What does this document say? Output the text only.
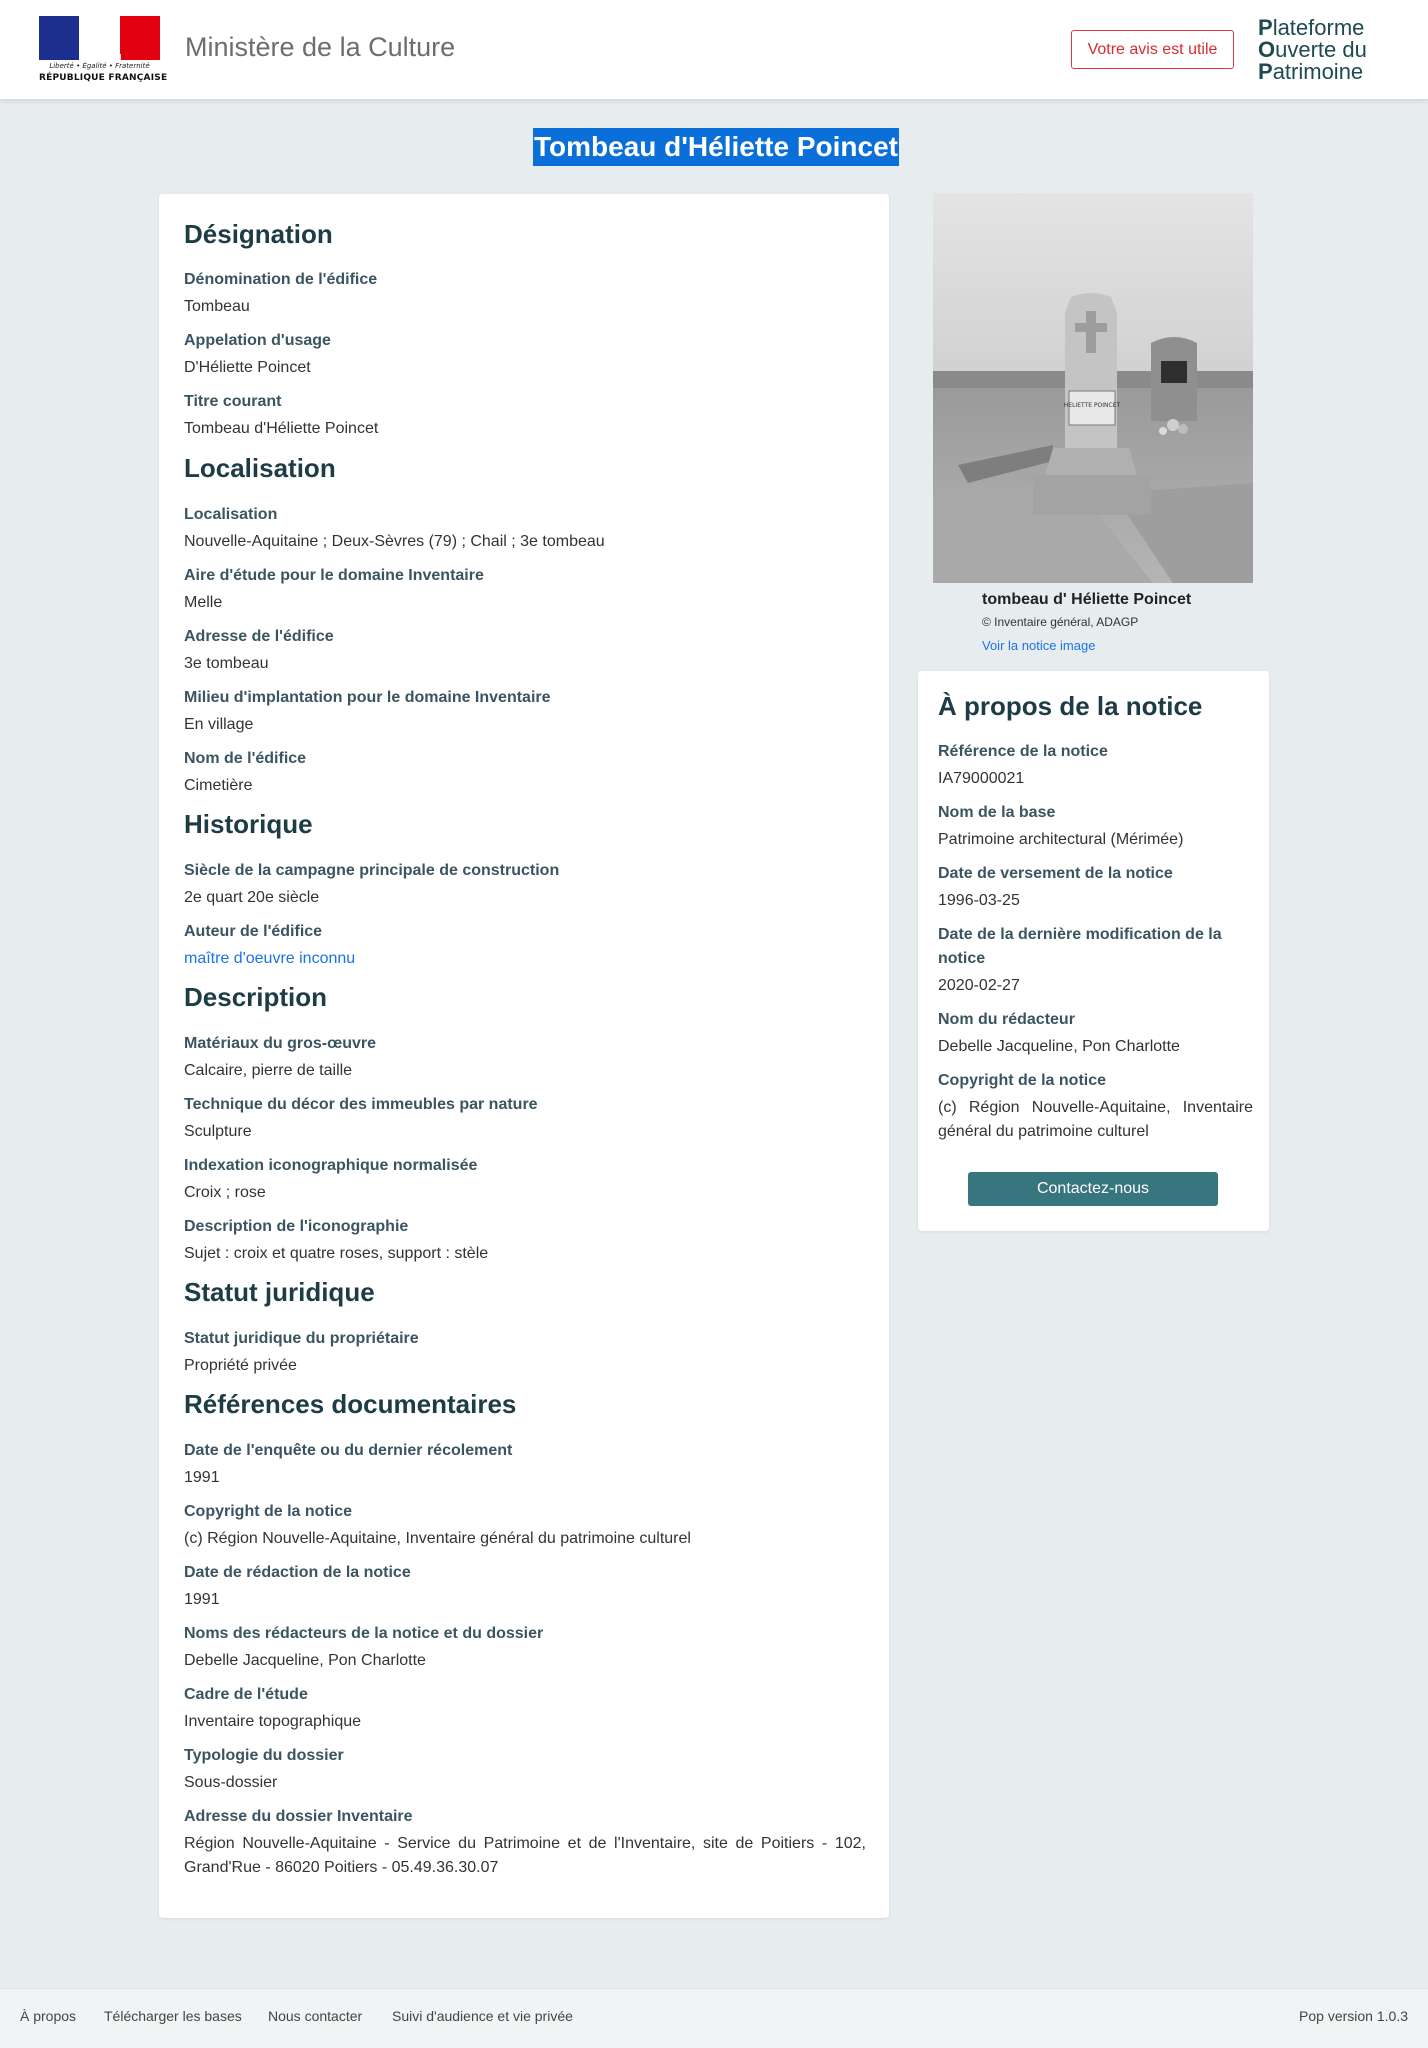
Liberté • Égalité • Fraternité
RÉPUBLIQUE FRANÇAISE
Ministère de la Culture	Votre avis est utile
Plateforme
Ouverte du
Patrimoine
Tombeau d'Héliette Poincet
Désignation
Dénomination de l'édifice
Tombeau
Appelation d'usage
D'Héliette Poincet
Titre courant
Tombeau d'Héliette Poincet
Localisation
Localisation
Nouvelle-Aquitaine ; Deux-Sèvres (79) ; Chail ; 3e tombeau
Aire d'étude pour le domaine Inventaire
Melle
Adresse de l'édifice
3e tombeau
Milieu d'implantation pour le domaine Inventaire
En village
Nom de l'édifice
Cimetière
Historique
Siècle de la campagne principale de construction
2e quart 20e siècle
Auteur de l'édifice
maître d'oeuvre inconnu
Description
Matériaux du gros-œuvre
Calcaire, pierre de taille
Technique du décor des immeubles par nature
Sculpture
Indexation iconographique normalisée
Croix ; rose
Description de l'iconographie
Sujet : croix et quatre roses, support : stèle
Statut juridique
Statut juridique du propriétaire
Propriété privée
Références documentaires
Date de l'enquête ou du dernier récolement
1991
Copyright de la notice
(c) Région Nouvelle-Aquitaine, Inventaire général du patrimoine culturel
Date de rédaction de la notice
1991
Noms des rédacteurs de la notice et du dossier
Debelle Jacqueline, Pon Charlotte
Cadre de l'étude
Inventaire topographique
Typologie du dossier
Sous-dossier
Adresse du dossier Inventaire
Région Nouvelle-Aquitaine - Service du Patrimoine et de l'Inventaire, site de Poitiers - 102, Grand'Rue - 86020 Poitiers - 05.49.36.30.07
HELIETTE POINCET
tombeau d' Héliette Poincet
© Inventaire général, ADAGP
Voir la notice image
À propos de la notice
Référence de la notice
IA79000021
Nom de la base
Patrimoine architectural (Mérimée)
Date de versement de la notice
1996-03-25
Date de la dernière modification de la notice
2020-02-27
Nom du rédacteur
Debelle Jacqueline, Pon Charlotte
Copyright de la notice
(c) Région Nouvelle-Aquitaine, Inventaire général du patrimoine culturel
Contactez-nous
À propos Télécharger les bases Nous contacter Suivi d'audience et vie privée	Pop version 1.0.3
